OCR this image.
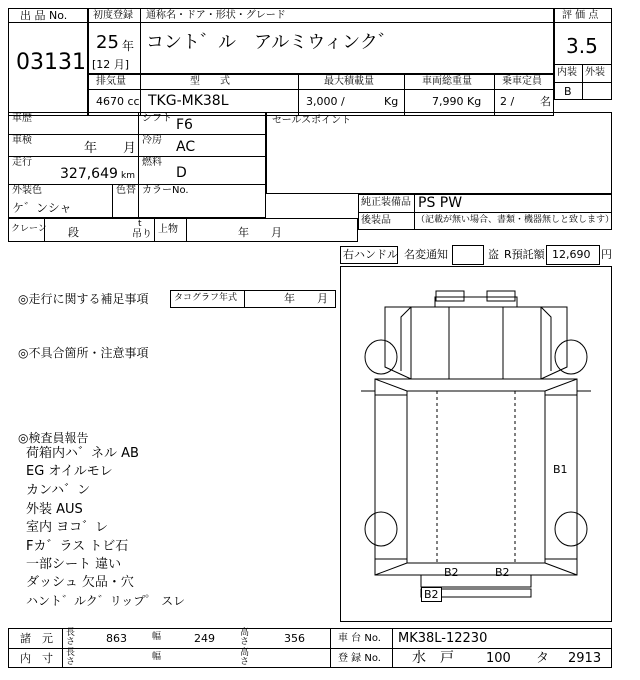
出 品 No.
03131
初度登録 通称名・ドア・形状・グレード
25 年
[12 月]
コント゛ル　アルミウィンク゛
評 価 点
3.5
内装 外装
B
排気量	型　　式	最大積載量	車両総重量	乗車定員
4670 cc TKG-MK38L	3,000 /	Kg	7,990 Kg 2 / 名
車歴	シフト F6
車検
年　　月
冷房 AC
走行
327,649 km
燃料
D
外装色
ケ゛ンシャ
色替 カラーNo.
セールスポイント
純正装備品 PS PW
後装品	（記載が無い場合、書類・機器無しと致します）
クレーン 段
t
吊り 上物	年　　月
右ハンドル 名変通知	盗 R預託額 12,690 円
◎走行に関する補足事項	タコグラフ年式	年　　月
◎不具合箇所・注意事項
◎検査員報告
荷箱内ハ゛ネル AB
EG オイルモレ
カンハ゛ン
外装 AUS
室内 ヨコ゛レ
Fカ゛ラス トビ石
一部シート 違い
ダッシュ 欠品・穴
ハント゛ルク゛リップ゜ スレ
B1
B2	B2
B2
諸　元
内　寸
長さ	863	幅	249	高さ	356
長さ	幅	高さ
車 台 No. MK38L-12230
登 録 No. 水　戸 100 タ 2913
